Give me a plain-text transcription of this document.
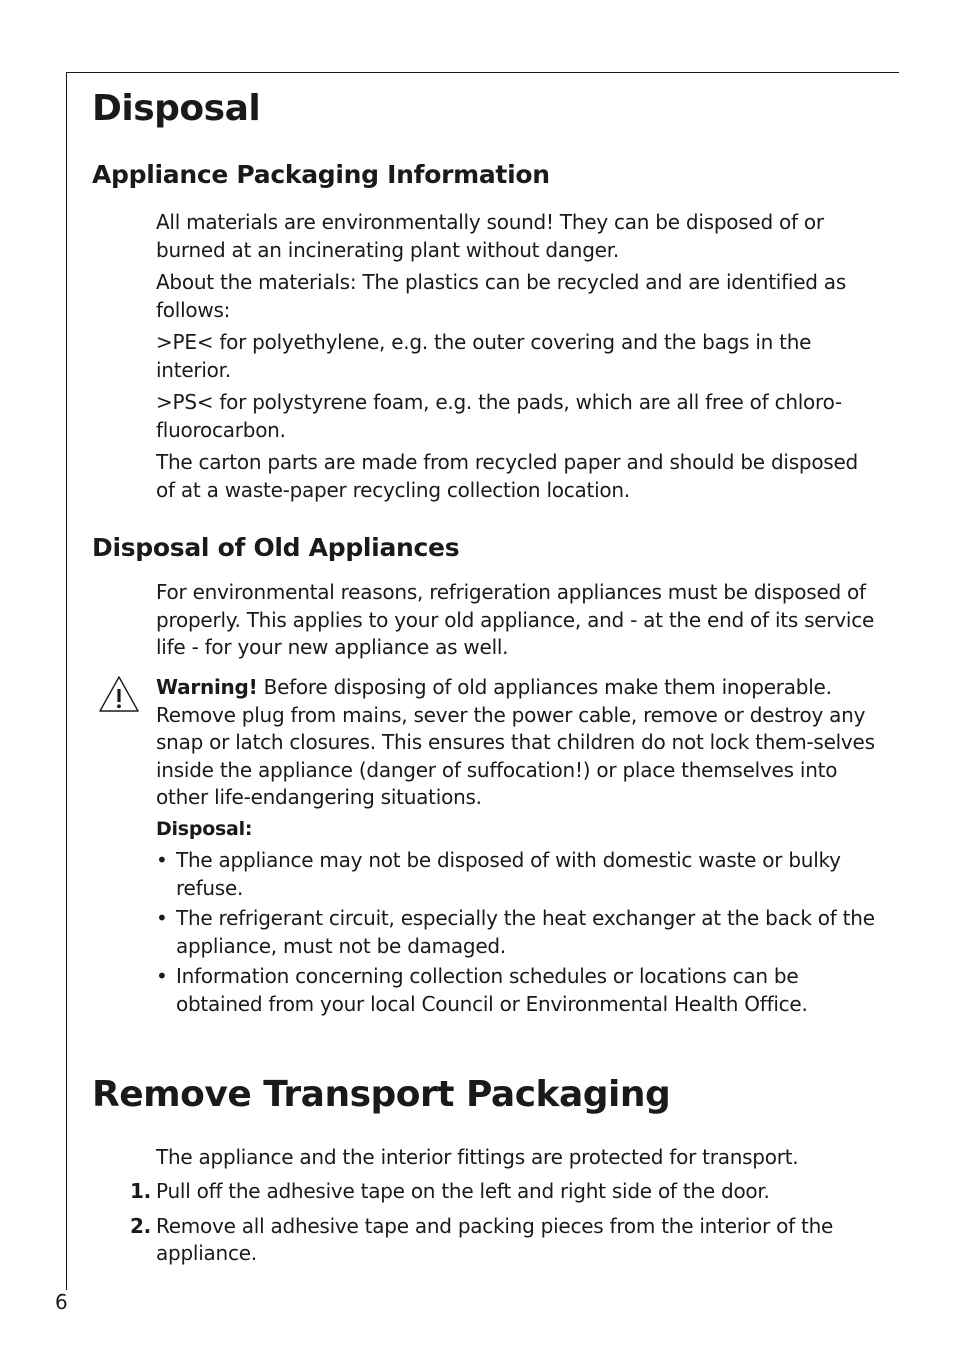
Disposal
Appliance Packaging Information

All materials are environmentally sound! They can be disposed of or burned at an incinerating plant without danger.

About the materials: The plastics can be recycled and are identified as follows:

>PE< for polyethylene, e.g. the outer covering and the bags in the interior.

>PS< for polystyrene foam, e.g. the pads, which are all free of chloro-fluorocarbon.

The carton parts are made from recycled paper and should be disposed of at a waste-paper recycling collection location.

Disposal of Old Appliances

For environmental reasons, refrigeration appliances must be disposed of properly. This applies to your old appliance, and - at the end of its service life - for your new appliance as well.

Warning! Before disposing of old appliances make them inoperable. Remove plug from mains, sever the power cable, remove or destroy any snap or latch closures. This ensures that children do not lock them-selves inside the appliance (danger of suffocation!) or place themselves into other life-endangering situations.

Disposal:
• The appliance may not be disposed of with domestic waste or bulky refuse.
• The refrigerant circuit, especially the heat exchanger at the back of the appliance, must not be damaged.
• Information concerning collection schedules or locations can be obtained from your local Council or Environmental Health Office.
Remove Transport Packaging

The appliance and the interior fittings are protected for transport.

1. Pull off the adhesive tape on the left and right side of the door.
2. Remove all adhesive tape and packing pieces from the interior of the appliance.
6
